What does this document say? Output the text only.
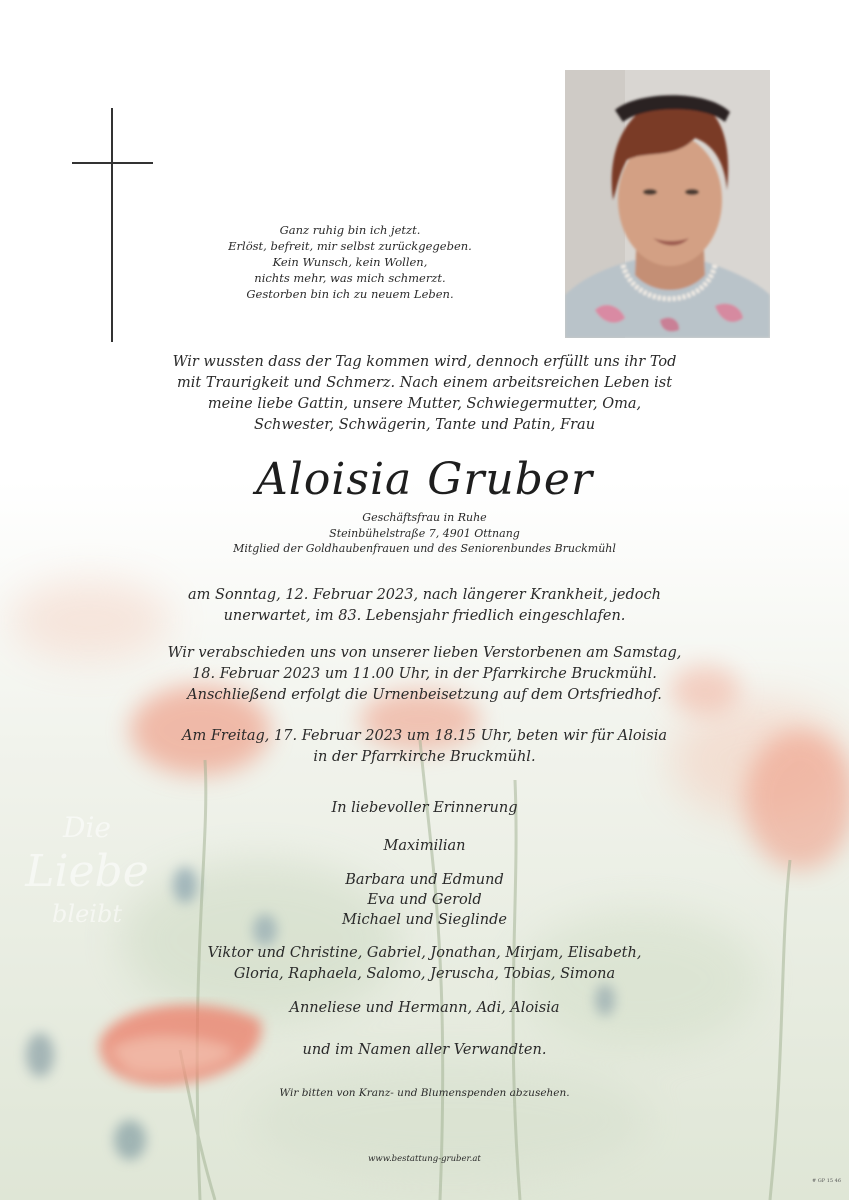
Ganz ruhig bin ich jetzt.
Erlöst, befreit, mir selbst zurückgegeben.
Kein Wunsch, kein Wollen,
nichts mehr, was mich schmerzt.
Gestorben bin ich zu neuem Leben.
Wir wussten dass der Tag kommen wird, dennoch erfüllt uns ihr Tod
mit Traurigkeit und Schmerz. Nach einem arbeitsreichen Leben ist
meine liebe Gattin, unsere Mutter, Schwiegermutter, Oma,
Schwester, Schwägerin, Tante und Patin, Frau
Aloisia Gruber
Geschäftsfrau in Ruhe
Steinbühelstraße 7, 4901 Ottnang
Mitglied der Goldhaubenfrauen und des Seniorenbundes Bruckmühl
am Sonntag, 12. Februar 2023, nach längerer Krankheit, jedoch
unerwartet, im 83. Lebensjahr friedlich eingeschlafen.
Wir verabschieden uns von unserer lieben Verstorbenen am Samstag,
18. Februar 2023 um 11.00 Uhr, in der Pfarrkirche Bruckmühl.
Anschließend erfolgt die Urnenbeisetzung auf dem Ortsfriedhof.
Am Freitag, 17. Februar 2023 um 18.15 Uhr, beten wir für Aloisia
in der Pfarrkirche Bruckmühl.
In liebevoller Erinnerung
Maximilian
Barbara und Edmund
Eva und Gerold
Michael und Sieglinde
Viktor und Christine, Gabriel, Jonathan, Mirjam, Elisabeth,
Gloria, Raphaela, Salomo, Jeruscha, Tobias, Simona
Anneliese und Hermann, Adi, Aloisia
und im Namen aller Verwandten.
Wir bitten von Kranz- und Blumenspenden abzusehen.
www.bestattung-gruber.at
# GP 15 46
Die
Liebe
bleibt
